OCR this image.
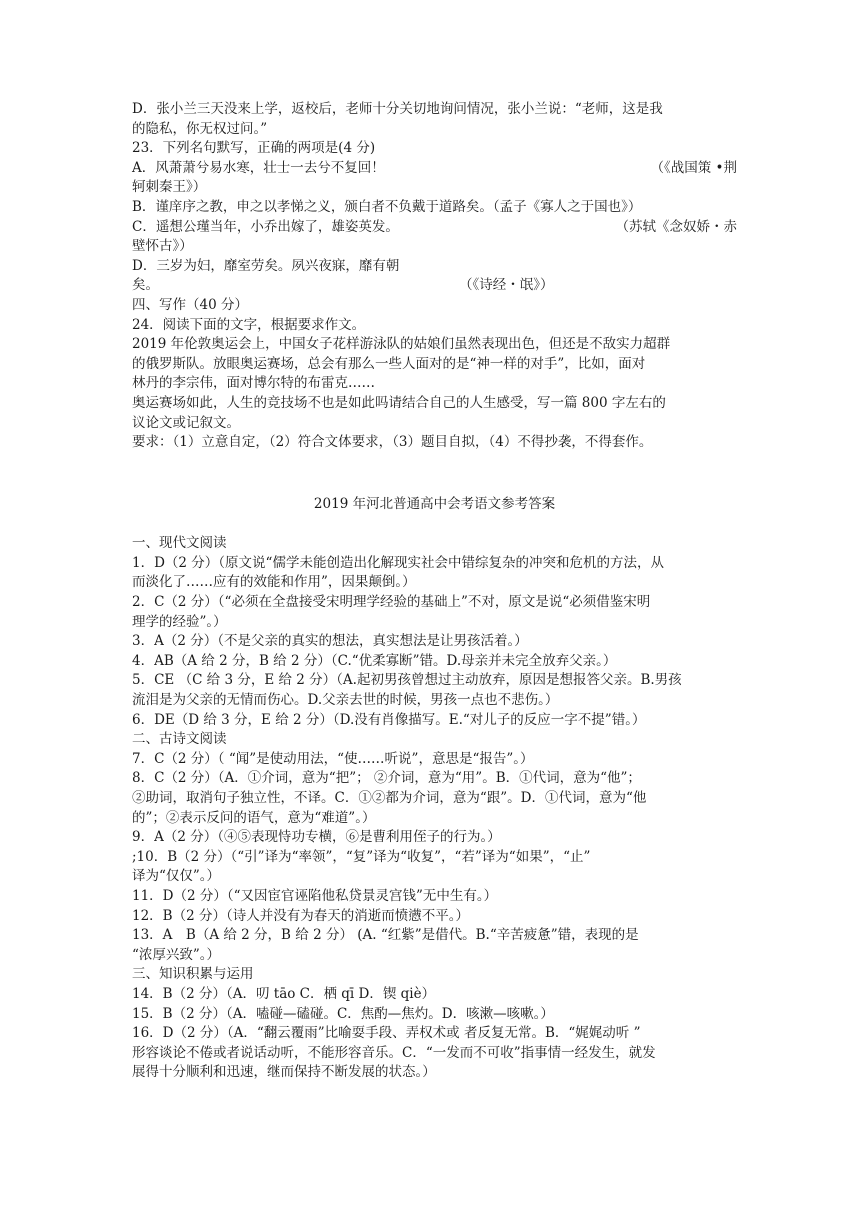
D．张小兰三天没来上学，返校后，老师十分关切地询问情况，张小兰说：“老师，这是我
的隐私，你无权过问。”
23．下列名句默写，正确的两项是(4 分)
A．风萧萧兮易水寒，壮士一去兮不复回！	（《战国策 •荆
轲刺秦王》）
B．谨庠序之教，申之以孝悌之义，颁白者不负戴于道路矣。（孟子《寡人之于国也》）
C．遥想公瑾当年，小乔出嫁了，雄姿英发。	（苏轼《念奴娇・赤
壁怀古》）
D．三岁为妇，靡室劳矣。夙兴夜寐，靡有朝
矣。	（《诗经・氓》）
四、写作（40 分）
24．阅读下面的文字，根据要求作文。
2019 年伦敦奥运会上，中国女子花样游泳队的姑娘们虽然表现出色，但还是不敌实力超群
的俄罗斯队。放眼奥运赛场，总会有那么一些人面对的是“神一样的对手”，比如，面对
林丹的李宗伟，面对博尔特的布雷克……
奥运赛场如此，人生的竞技场不也是如此吗请结合自己的人生感受，写一篇 800 字左右的
议论文或记叙文。
要求：（1）立意自定，（2）符合文体要求，（3）题目自拟，（4）不得抄袭，不得套作。
2019 年河北普通高中会考语文参考答案
一、现代文阅读
1．D（2 分）（原文说“儒学未能创造出化解现实社会中错综复杂的冲突和危机的方法，从
而淡化了……应有的效能和作用”，因果颠倒。）
2．C（2 分）（“必须在全盘接受宋明理学经验的基础上”不对，原文是说“必须借鉴宋明
理学的经验”。）
3．A（2 分）（不是父亲的真实的想法，真实想法是让男孩活着。）
4．AB（A 给 2 分，B 给 2 分）（C.“优柔寡断”错。D.母亲并未完全放弃父亲。）
5．CE （C 给 3 分，E 给 2 分）（A.起初男孩曾想过主动放弃，原因是想报答父亲。B.男孩
流泪是为父亲的无情而伤心。D.父亲去世的时候，男孩一点也不悲伤。）
6．DE（D 给 3 分，E 给 2 分）（D.没有肖像描写。E.“对儿子的反应一字不提”错。）
二、古诗文阅读
7．C（2 分）（ “闻”是使动用法，“使……听说”，意思是“报告”。）
8．C（2 分）（A．①介词，意为“把”； ②介词，意为“用”。B．①代词，意为“他”；
②助词，取消句子独立性，不译。C．①②都为介词，意为“跟”。D．①代词，意为“他
的”；②表示反问的语气，意为“难道”。）
9．A（2 分）（④⑤表现恃功专横，⑥是曹利用侄子的行为。）
;10．B（2 分）（“引”译为“率领”，“复”译为“收复”，“若”译为“如果”，“止”
译为“仅仅”。）
11．D（2 分）（“又因宦官诬陷他私贷景灵宫钱”无中生有。）
12．B（2 分）（诗人并没有为春天的消逝而愤懑不平。）
13．A　B（A 给 2 分，B 给 2 分） (A. “红紫”是借代。B.“辛苦疲惫”错，表现的是
“浓厚兴致”。）
三、知识积累与运用
14．B（2 分）（A．叨 tāo C．栖 qī D．锲 qiè）
15．B（2 分）（A．嗑碰—磕碰。C．焦酌—焦灼。D．咳漱—咳嗽。）
16．D（2 分）（A．“翻云覆雨”比喻耍手段、弄权术或 者反复无常。B．“娓娓动听 ”
形容谈论不倦或者说话动听，不能形容音乐。C．“一发而不可收”指事情一经发生，就发
展得十分顺利和迅速，继而保持不断发展的状态。）
